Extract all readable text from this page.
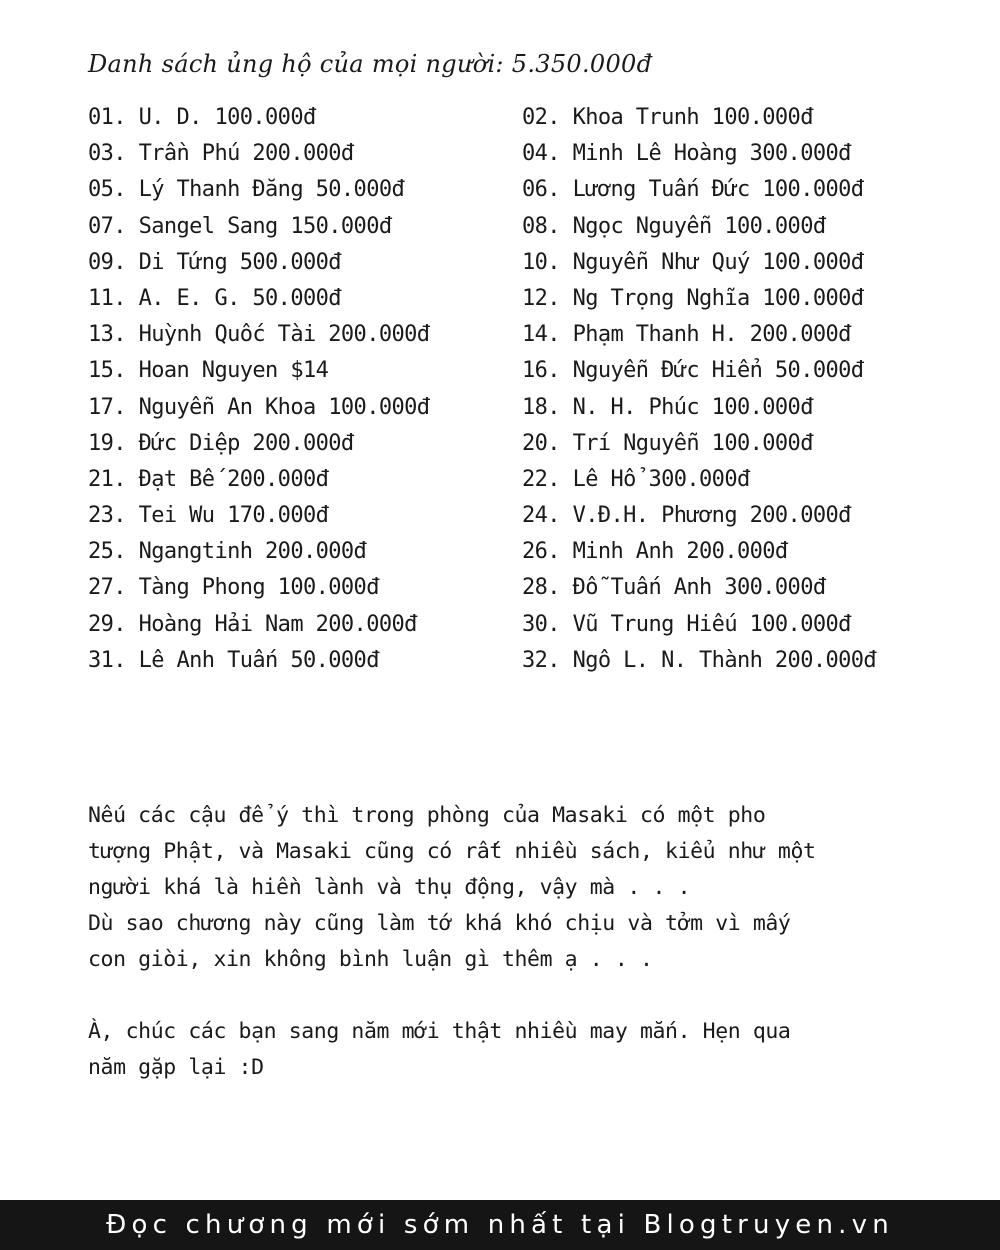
Danh sách ủng hộ của mọi người: 5.350.000đ
01. U. D. 100.000đ	02. Khoa Trunh 100.000đ
03. Trần Phú 200.000đ	04. Minh Lê Hoàng 300.000đ
05. Lý Thanh Đăng 50.000đ	06. Lương Tuấn Đức 100.000đ
07. Sangel Sang 150.000đ	08. Ngọc Nguyễn 100.000đ
09. Di Tứng 500.000đ	10. Nguyễn Như Quý 100.000đ
11. A. E. G. 50.000đ	12. Ng Trọng Nghĩa 100.000đ
13. Huỳnh Quốc Tài 200.000đ	14. Phạm Thanh H. 200.000đ
15. Hoan Nguyen $14	16. Nguyễn Đức Hiển 50.000đ
17. Nguyễn An Khoa 100.000đ	18. N. H. Phúc 100.000đ
19. Đức Diệp 200.000đ	20. Trí Nguyễn 100.000đ
21. Đạt Bế 200.000đ	22. Lê Hổ 300.000đ
23. Tei Wu 170.000đ	24. V.Đ.H. Phương 200.000đ
25. Ngangtinh 200.000đ	26. Minh Anh 200.000đ
27. Tàng Phong 100.000đ	28. Đỗ Tuấn Anh 300.000đ
29. Hoàng Hải Nam 200.000đ	30. Vũ Trung Hiếu 100.000đ
31. Lê Anh Tuấn 50.000đ	32. Ngô L. N. Thành 200.000đ
Nếu các cậu để ý thì trong phòng của Masaki có một pho
tượng Phật, và Masaki cũng có rất nhiều sách, kiểu như một
người khá là hiền lành và thụ động, vậy mà . . .
Dù sao chương này cũng làm tớ khá khó chịu và tởm vì mấy
con giòi, xin không bình luận gì thêm ạ . . .
À, chúc các bạn sang năm mới thật nhiều may mắn. Hẹn qua
năm gặp lại :D
Đọc chương mới sớm nhất tại Blogtruyen.vn
